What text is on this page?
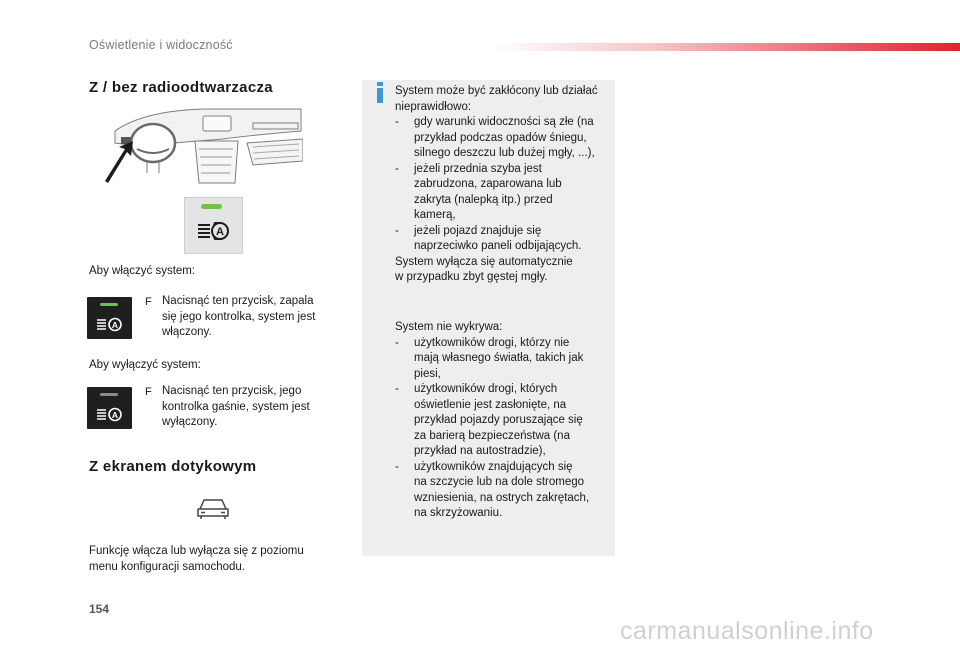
Oświetlenie i widoczność
Z / bez radioodtwarzacza
A
Aby włączyć system:
A
F Nacisnąć ten przycisk, zapala
się jego kontrolka, system jest
włączony.
Aby wyłączyć system:
A
F Nacisnąć ten przycisk, jego
kontrolka gaśnie, system jest
wyłączony.
Z ekranem dotykowym
Funkcję włącza lub wyłącza się z poziomu
menu konfiguracji samochodu.
System może być zakłócony lub działać
nieprawidłowo:
- gdy warunki widoczności są złe (na
przykład podczas opadów śniegu,
silnego deszczu lub dużej mgły, ...),
- jeżeli przednia szyba jest
zabrudzona, zaparowana lub
zakryta (nalepką itp.) przed
kamerą,
- jeżeli pojazd znajduje się
naprzeciwko paneli odbijających.
System wyłącza się automatycznie
w przypadku zbyt gęstej mgły.
System nie wykrywa:
- użytkowników drogi, którzy nie
mają własnego światła, takich jak
piesi,
- użytkowników drogi, których
oświetlenie jest zasłonięte, na
przykład pojazdy poruszające się
za barierą bezpieczeństwa (na
przykład na autostradzie),
- użytkowników znajdujących się
na szczycie lub na dole stromego
wzniesienia, na ostrych zakrętach,
na skrzyżowaniu.
154
carmanualsonline.info
